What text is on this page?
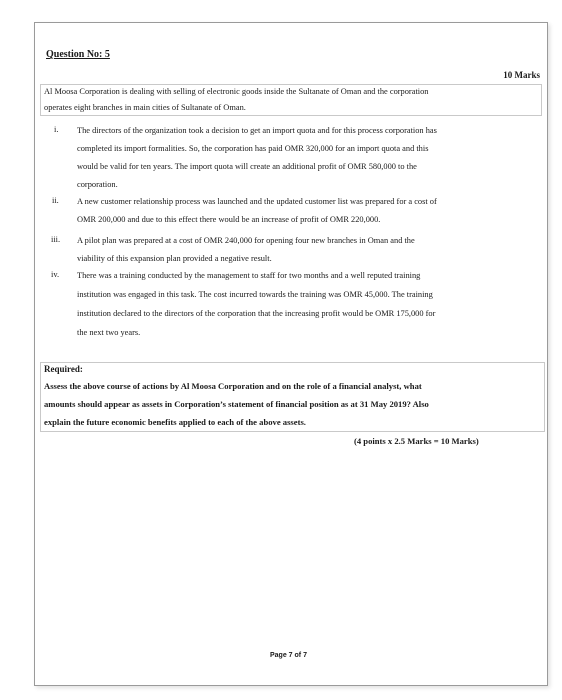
Question No: 5
10 Marks
Al Moosa Corporation is dealing with selling of electronic goods inside the Sultanate of Oman and the corporation
operates eight branches in main cities of Sultanate of Oman.
i. The directors of the organization took a decision to get an import quota and for this process corporation has
completed its import formalities. So, the corporation has paid OMR 320,000 for an import quota and this
would be valid for ten years. The import quota will create an additional profit of OMR 580,000 to the
corporation.
ii. A new customer relationship process was launched and the updated customer list was prepared for a cost of
OMR 200,000 and due to this effect there would be an increase of profit of OMR 220,000.
iii. A pilot plan was prepared at a cost of OMR 240,000 for opening four new branches in Oman and the
viability of this expansion plan provided a negative result.
iv. There was a training conducted by the management to staff for two months and a well reputed training
institution was engaged in this task. The cost incurred towards the training was OMR 45,000. The training
institution declared to the directors of the corporation that the increasing profit would be OMR 175,000 for
the next two years.
Required:
Assess the above course of actions by Al Moosa Corporation and on the role of a financial analyst, what
amounts should appear as assets in Corporation’s statement of financial position as at 31 May 2019? Also
explain the future economic benefits applied to each of the above assets.
(4 points x 2.5 Marks = 10 Marks)
Page 7 of 7
